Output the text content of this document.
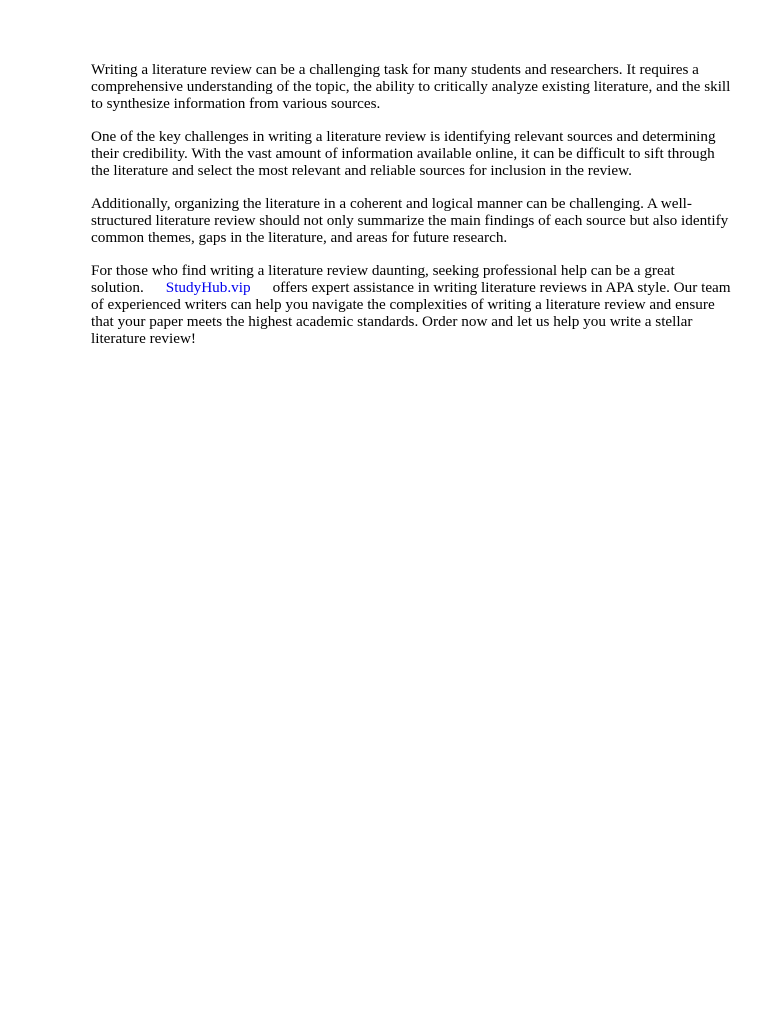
Writing a literature review can be a challenging task for many students and researchers. It requires a comprehensive understanding of the topic, the ability to critically analyze existing literature, and the skill to synthesize information from various sources.

One of the key challenges in writing a literature review is identifying relevant sources and determining their credibility. With the vast amount of information available online, it can be difficult to sift through the literature and select the most relevant and reliable sources for inclusion in the review.

Additionally, organizing the literature in a coherent and logical manner can be challenging. A well-structured literature review should not only summarize the main findings of each source but also identify common themes, gaps in the literature, and areas for future research.

For those who find writing a literature review daunting, seeking professional help can be a great solution. StudyHub.vip offers expert assistance in writing literature reviews in APA style. Our team of experienced writers can help you navigate the complexities of writing a literature review and ensure that your paper meets the highest academic standards. Order now and let us help you write a stellar literature review!
